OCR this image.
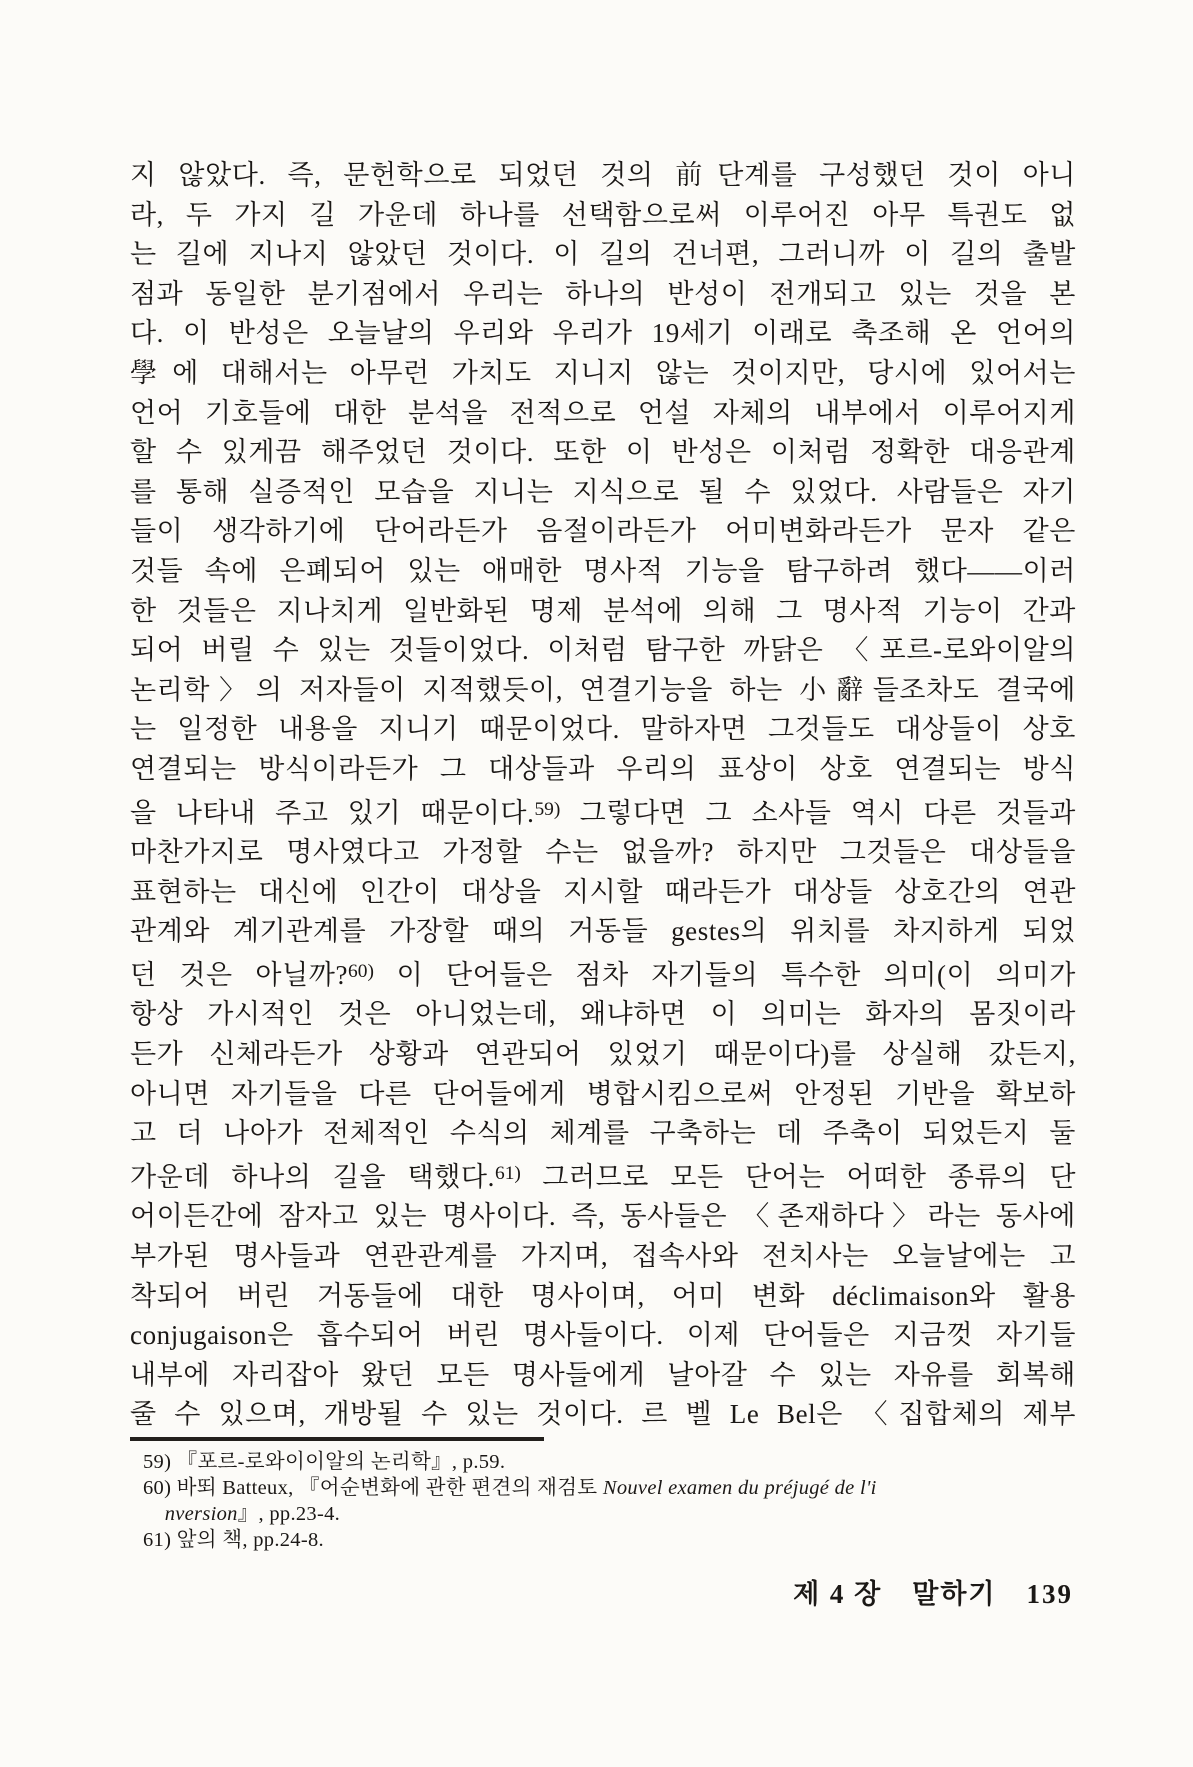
지 않았다. 즉, 문헌학으로 되었던 것의 前단계를 구성했던 것이 아니
라, 두 가지 길 가운데 하나를 선택함으로써 이루어진 아무 특권도 없
는 길에 지나지 않았던 것이다. 이 길의 건너편, 그러니까 이 길의 출발
점과 동일한 분기점에서 우리는 하나의 반성이 전개되고 있는 것을 본
다. 이 반성은 오늘날의 우리와 우리가 19세기 이래로 축조해 온 언어의
學에 대해서는 아무런 가치도 지니지 않는 것이지만, 당시에 있어서는
언어 기호들에 대한 분석을 전적으로 언설 자체의 내부에서 이루어지게
할 수 있게끔 해주었던 것이다. 또한 이 반성은 이처럼 정확한 대응관계
를 통해 실증적인 모습을 지니는 지식으로 될 수 있었다. 사람들은 자기
들이 생각하기에 단어라든가 음절이라든가 어미변화라든가 문자 같은
것들 속에 은폐되어 있는 애매한 명사적 기능을 탐구하려 했다——이러
한 것들은 지나치게 일반화된 명제 분석에 의해 그 명사적 기능이 간과
되어 버릴 수 있는 것들이었다. 이처럼 탐구한 까닭은 〈포르-로와이알의
논리학〉의 저자들이 지적했듯이, 연결기능을 하는 小辭들조차도 결국에
는 일정한 내용을 지니기 때문이었다. 말하자면 그것들도 대상들이 상호
연결되는 방식이라든가 그 대상들과 우리의 표상이 상호 연결되는 방식
을 나타내 주고 있기 때문이다.$^{59)}$ 그렇다면 그 소사들 역시 다른 것들과
마찬가지로 명사였다고 가정할 수는 없을까? 하지만 그것들은 대상들을
표현하는 대신에 인간이 대상을 지시할 때라든가 대상들 상호간의 연관
관계와 계기관계를 가장할 때의 거동들 gestes의 위치를 차지하게 되었
던 것은 아닐까?$^{60)}$ 이 단어들은 점차 자기들의 특수한 의미(이 의미가
항상 가시적인 것은 아니었는데, 왜냐하면 이 의미는 화자의 몸짓이라
든가 신체라든가 상황과 연관되어 있었기 때문이다)를 상실해 갔든지,
아니면 자기들을 다른 단어들에게 병합시킴으로써 안정된 기반을 확보하
고 더 나아가 전체적인 수식의 체계를 구축하는 데 주축이 되었든지 둘
가운데 하나의 길을 택했다.$^{61)}$ 그러므로 모든 단어는 어떠한 종류의 단
어이든간에 잠자고 있는 명사이다. 즉, 동사들은 〈존재하다〉라는 동사에
부가된 명사들과 연관관계를 가지며, 접속사와 전치사는 오늘날에는 고
착되어 버린 거동들에 대한 명사이며, 어미 변화 déclimaison와 활용
conjugaison은 흡수되어 버린 명사들이다. 이제 단어들은 지금껏 자기들
내부에 자리잡아 왔던 모든 명사들에게 날아갈 수 있는 자유를 회복해
줄 수 있으며, 개방될 수 있는 것이다. 르 벨 Le Bel은 〈집합체의 제부
59) 『포르-로와이이알의 논리학』, p.59.
60) 바뙤 Batteux, 『어순변화에 관한 편견의 재검토 Nouvel examen du préjugé de l'i
nversion』, pp.23-4.
61) 앞의 책, pp.24-8.
제 4 장 말하기 139
